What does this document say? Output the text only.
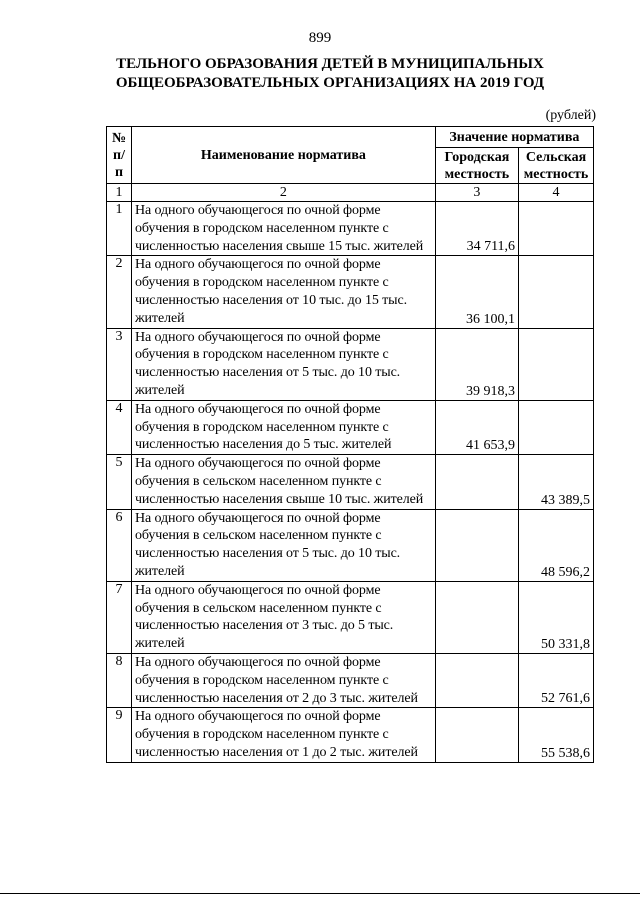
899
ТЕЛЬНОГО ОБРАЗОВАНИЯ ДЕТЕЙ В МУНИЦИПАЛЬНЫХ
ОБЩЕОБРАЗОВАТЕЛЬНЫХ ОРГАНИЗАЦИЯХ НА 2019 ГОД
(рублей)
№ п/п	Наименование норматива	Значение норматива	
		Городская местность	Сельская местность
1	2	3	4
1	На одного обучающегося по очной форме обучения в городском населенном пункте с численностью населения свыше 15 тыс. жителей	34 711,6	
2	На одного обучающегося по очной форме обучения в городском населенном пункте с численностью населения от 10 тыс. до 15 тыс. жителей	36 100,1	
3	На одного обучающегося по очной форме обучения в городском населенном пункте с численностью населения от 5 тыс. до 10 тыс. жителей	39 918,3	
4	На одного обучающегося по очной форме обучения в городском населенном пункте с численностью населения до 5 тыс. жителей	41 653,9	
5	На одного обучающегося по очной форме обучения в сельском населенном пункте с численностью населения свыше 10 тыс. жителей		43 389,5
6	На одного обучающегося по очной форме обучения в сельском населенном пункте с численностью населения от 5 тыс. до 10 тыс. жителей		48 596,2
7	На одного обучающегося по очной форме обучения в сельском населенном пункте с численностью населения от 3 тыс. до 5 тыс. жителей		50 331,8
8	На одного обучающегося по очной форме обучения в городском населенном пункте с численностью населения от 2 до 3 тыс. жителей		52 761,6
9	На одного обучающегося по очной форме обучения в городском населенном пункте с численностью населения от 1 до 2 тыс. жителей		55 538,6
